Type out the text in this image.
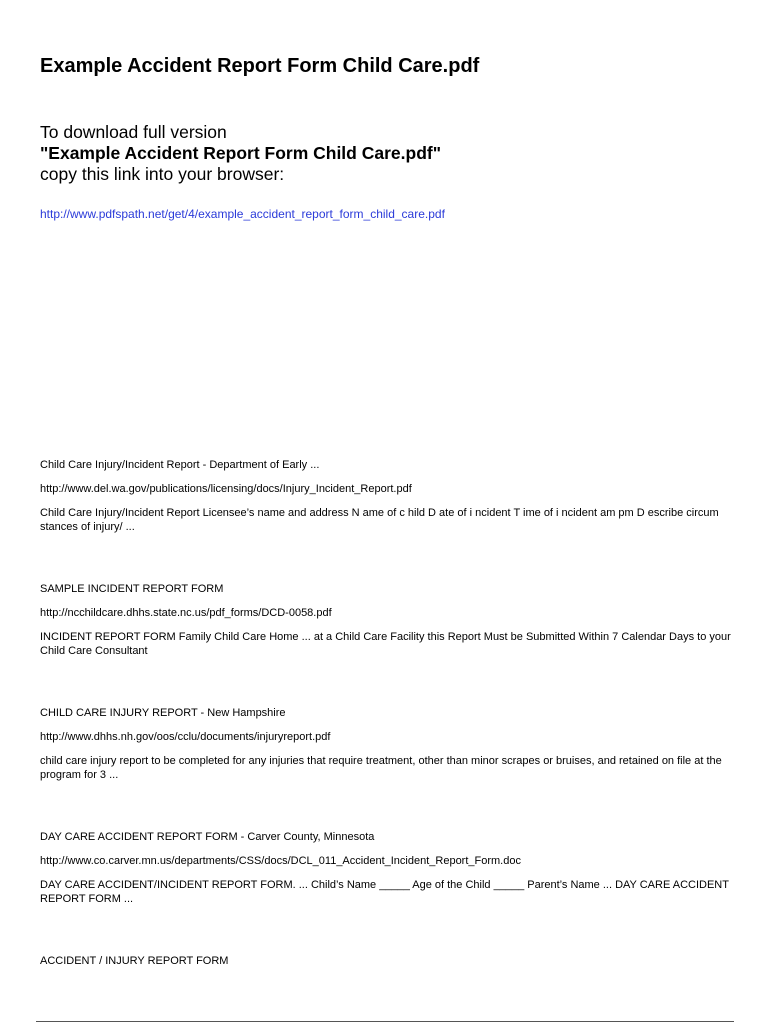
Example Accident Report Form Child Care.pdf
To download full version
"Example Accident Report Form Child Care.pdf"
copy this link into your browser:
http://www.pdfspath.net/get/4/example_accident_report_form_child_care.pdf
Child Care Injury/Incident Report - Department of Early ...
http://www.del.wa.gov/publications/licensing/docs/Injury_Incident_Report.pdf
Child Care Injury/Incident Report Licensee’s name and address N ame of c hild D ate of i ncident T ime of i ncident am pm D escribe circum stances of injury/ ...
SAMPLE INCIDENT REPORT FORM
http://ncchildcare.dhhs.state.nc.us/pdf_forms/DCD-0058.pdf
INCIDENT REPORT FORM Family Child Care Home ... at a Child Care Facility this Report Must be Submitted Within 7 Calendar Days to your Child Care Consultant
CHILD CARE INJURY REPORT - New Hampshire
http://www.dhhs.nh.gov/oos/cclu/documents/injuryreport.pdf
child care injury report to be completed for any injuries that require treatment, other than minor scrapes or bruises, and retained on file at the program for 3 ...
DAY CARE ACCIDENT REPORT FORM - Carver County, Minnesota
http://www.co.carver.mn.us/departments/CSS/docs/DCL_011_Accident_Incident_Report_Form.doc
DAY CARE ACCIDENT/INCIDENT REPORT FORM. ... Child’s Name _____ Age of the Child _____ Parent’s Name ... DAY CARE ACCIDENT REPORT FORM ...
ACCIDENT / INJURY REPORT FORM
